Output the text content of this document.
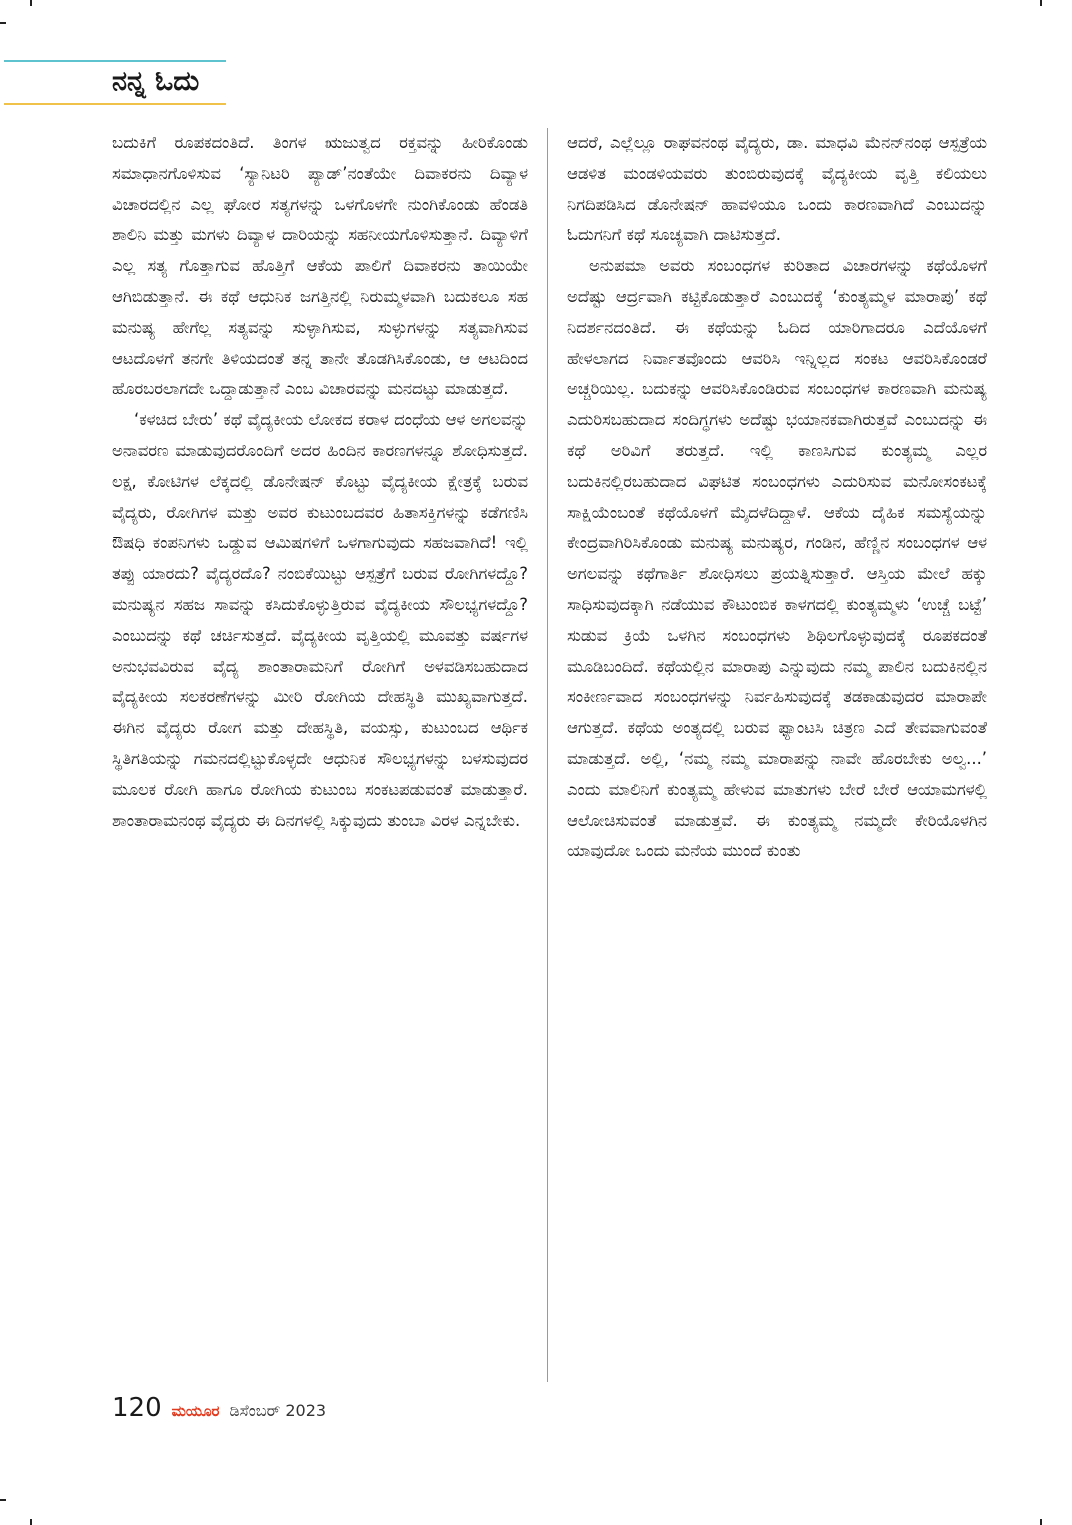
ನನ್ನ ಓದು

ಬದುಕಿಗೆ ರೂಪಕದಂತಿದೆ. ತಿಂಗಳ ಋಜುತ್ವದ ರಕ್ತವನ್ನು ಹೀರಿಕೊಂಡು ಸಮಾಧಾನಗೊಳಿಸುವ ‘ಸ್ಯಾನಿಟರಿ ಪ್ಯಾಡ್’ನಂತೆಯೇ ದಿವಾಕರನು ದಿವ್ಯಾಳ ವಿಚಾರದಲ್ಲಿನ ಎಲ್ಲ ಘೋರ ಸತ್ಯಗಳನ್ನು ಒಳಗೊಳಗೇ ನುಂಗಿಕೊಂಡು ಹೆಂಡತಿ ಶಾಲಿನಿ ಮತ್ತು ಮಗಳು ದಿವ್ಯಾಳ ದಾರಿಯನ್ನು ಸಹನೀಯಗೊಳಿಸುತ್ತಾನೆ. ದಿವ್ಯಾಳಿಗೆ ಎಲ್ಲ ಸತ್ಯ ಗೊತ್ತಾಗುವ ಹೊತ್ತಿಗೆ ಆಕೆಯ ಪಾಲಿಗೆ ದಿವಾಕರನು ತಾಯಿಯೇ ಆಗಿಬಿಡುತ್ತಾನೆ. ಈ ಕಥೆ ಆಧುನಿಕ ಜಗತ್ತಿನಲ್ಲಿ ನಿರುಮ್ಮಳವಾಗಿ ಬದುಕಲೂ ಸಹ ಮನುಷ್ಯ ಹೇಗೆಲ್ಲ ಸತ್ಯವನ್ನು ಸುಳ್ಳಾಗಿಸುವ, ಸುಳ್ಳುಗಳನ್ನು ಸತ್ಯವಾಗಿಸುವ ಆಟದೊಳಗೆ ತನಗೇ ತಿಳಿಯದಂತೆ ತನ್ನ ತಾನೇ ತೊಡಗಿಸಿಕೊಂಡು, ಆ ಆಟದಿಂದ ಹೊರಬರಲಾಗದೇ ಒದ್ದಾಡುತ್ತಾನೆ ಎಂಬ ವಿಚಾರವನ್ನು ಮನದಟ್ಟು ಮಾಡುತ್ತದೆ.

‘ಕಳಚಿದ ಬೇರು’ ಕಥೆ ವೈದ್ಯಕೀಯ ಲೋಕದ ಕರಾಳ ದಂಧೆಯ ಆಳ ಅಗಲವನ್ನು ಅನಾವರಣ ಮಾಡುವುದರೊಂದಿಗೆ ಅದರ ಹಿಂದಿನ ಕಾರಣಗಳನ್ನೂ ಶೋಧಿಸುತ್ತದೆ. ಲಕ್ಷ, ಕೋಟಿಗಳ ಲೆಕ್ಕದಲ್ಲಿ ಡೊನೇಷನ್ ಕೊಟ್ಟು ವೈದ್ಯಕೀಯ ಕ್ಷೇತ್ರಕ್ಕೆ ಬರುವ ವೈದ್ಯರು, ರೋಗಿಗಳ ಮತ್ತು ಅವರ ಕುಟುಂಬದವರ ಹಿತಾಸಕ್ತಿಗಳನ್ನು ಕಡೆಗಣಿಸಿ ಔಷಧಿ ಕಂಪನಿಗಳು ಒಡ್ಡುವ ಆಮಿಷಗಳಿಗೆ ಒಳಗಾಗುವುದು ಸಹಜವಾಗಿದೆ! ಇಲ್ಲಿ ತಪ್ಪು ಯಾರದು? ವೈದ್ಯರದೊ? ನಂಬಿಕೆಯಿಟ್ಟು ಆಸ್ಪತ್ರೆಗೆ ಬರುವ ರೋಗಿಗಳದ್ದೊ? ಮನುಷ್ಯನ ಸಹಜ ಸಾವನ್ನು ಕಸಿದುಕೊಳ್ಳುತ್ತಿರುವ ವೈದ್ಯಕೀಯ ಸೌಲಭ್ಯಗಳದ್ದೊ? ಎಂಬುದನ್ನು ಕಥೆ ಚರ್ಚಿಸುತ್ತದೆ. ವೈದ್ಯಕೀಯ ವೃತ್ತಿಯಲ್ಲಿ ಮೂವತ್ತು ವರ್ಷಗಳ ಅನುಭವವಿರುವ ವೈದ್ಯ ಶಾಂತಾರಾಮನಿಗೆ ರೋಗಿಗೆ ಅಳವಡಿಸಬಹುದಾದ ವೈದ್ಯಕೀಯ ಸಲಕರಣೆಗಳನ್ನು ಮೀರಿ ರೋಗಿಯ ದೇಹಸ್ಥಿತಿ ಮುಖ್ಯವಾಗುತ್ತದೆ. ಈಗಿನ ವೈದ್ಯರು ರೋಗ ಮತ್ತು ದೇಹಸ್ಥಿತಿ, ವಯಸ್ಸು, ಕುಟುಂಬದ ಆರ್ಥಿಕ ಸ್ಥಿತಿಗತಿಯನ್ನು ಗಮನದಲ್ಲಿಟ್ಟುಕೊಳ್ಳದೇ ಆಧುನಿಕ ಸೌಲಭ್ಯಗಳನ್ನು ಬಳಸುವುದರ ಮೂಲಕ ರೋಗಿ ಹಾಗೂ ರೋಗಿಯ ಕುಟುಂಬ ಸಂಕಟಪಡುವಂತೆ ಮಾಡುತ್ತಾರೆ. ಶಾಂತಾರಾಮನಂಥ ವೈದ್ಯರು ಈ ದಿನಗಳಲ್ಲಿ ಸಿಕ್ಕುವುದು ತುಂಬಾ ವಿರಳ ಎನ್ನಬೇಕು.

ಆದರೆ, ಎಲ್ಲೆಲ್ಲೂ ರಾಘವನಂಥ ವೈದ್ಯರು, ಡಾ. ಮಾಧವಿ ಮೆನನ್‌ನಂಥ ಆಸ್ಪತ್ರೆಯ ಆಡಳಿತ ಮಂಡಳಿಯವರು ತುಂಬಿರುವುದಕ್ಕೆ ವೈದ್ಯಕೀಯ ವೃತ್ತಿ ಕಲಿಯಲು ನಿಗದಿಪಡಿಸಿದ ಡೊನೇಷನ್ ಹಾವಳಿಯೂ ಒಂದು ಕಾರಣವಾಗಿದೆ ಎಂಬುದನ್ನು ಓದುಗನಿಗೆ ಕಥೆ ಸೂಚ್ಯವಾಗಿ ದಾಟಿಸುತ್ತದೆ.

ಅನುಪಮಾ ಅವರು ಸಂಬಂಧಗಳ ಕುರಿತಾದ ವಿಚಾರಗಳನ್ನು ಕಥೆಯೊಳಗೆ ಅದೆಷ್ಟು ಆರ್ದ್ರವಾಗಿ ಕಟ್ಟಿಕೊಡುತ್ತಾರೆ ಎಂಬುದಕ್ಕೆ ‘ಕುಂತ್ಯಮ್ಮಳ ಮಾರಾಪು’ ಕಥೆ ನಿದರ್ಶನದಂತಿದೆ. ಈ ಕಥೆಯನ್ನು ಓದಿದ ಯಾರಿಗಾದರೂ ಎದೆಯೊಳಗೆ ಹೇಳಲಾಗದ ನಿರ್ವಾತವೊಂದು ಆವರಿಸಿ ಇನ್ನಿಲ್ಲದ ಸಂಕಟ ಆವರಿಸಿಕೊಂಡರೆ ಅಚ್ಚರಿಯಿಲ್ಲ. ಬದುಕನ್ನು ಆವರಿಸಿಕೊಂಡಿರುವ ಸಂಬಂಧಗಳ ಕಾರಣವಾಗಿ ಮನುಷ್ಯ ಎದುರಿಸಬಹುದಾದ ಸಂದಿಗ್ಧಗಳು ಅದೆಷ್ಟು ಭಯಾನಕವಾಗಿರುತ್ತವೆ ಎಂಬುದನ್ನು ಈ ಕಥೆ ಅರಿವಿಗೆ ತರುತ್ತದೆ. ಇಲ್ಲಿ ಕಾಣಸಿಗುವ ಕುಂತ್ಯಮ್ಮ ಎಲ್ಲರ ಬದುಕಿನಲ್ಲಿರಬಹುದಾದ ವಿಘಟಿತ ಸಂಬಂಧಗಳು ಎದುರಿಸುವ ಮನೋಸಂಕಟಕ್ಕೆ ಸಾಕ್ಷಿಯೆಂಬಂತೆ ಕಥೆಯೊಳಗೆ ಮೈದಳೆದಿದ್ದಾಳೆ. ಆಕೆಯ ದೈಹಿಕ ಸಮಸ್ಯೆಯನ್ನು ಕೇಂದ್ರವಾಗಿರಿಸಿಕೊಂಡು ಮನುಷ್ಯ ಮನುಷ್ಯರ, ಗಂಡಿನ, ಹೆಣ್ಣಿನ ಸಂಬಂಧಗಳ ಆಳ ಅಗಲವನ್ನು ಕಥೆಗಾರ್ತಿ ಶೋಧಿಸಲು ಪ್ರಯತ್ನಿಸುತ್ತಾರೆ. ಆಸ್ತಿಯ ಮೇಲೆ ಹಕ್ಕು ಸಾಧಿಸುವುದಕ್ಕಾಗಿ ನಡೆಯುವ ಕೌಟುಂಬಿಕ ಕಾಳಗದಲ್ಲಿ ಕುಂತ್ಯಮ್ಮಳು ‘ಉಚ್ಚೆ ಬಟ್ಟೆ’ ಸುಡುವ ಕ್ರಿಯೆ ಒಳಗಿನ ಸಂಬಂಧಗಳು ಶಿಥಿಲಗೊಳ್ಳುವುದಕ್ಕೆ ರೂಪಕದಂತೆ ಮೂಡಿಬಂದಿದೆ. ಕಥೆಯಲ್ಲಿನ ಮಾರಾಪು ಎನ್ನುವುದು ನಮ್ಮ ಪಾಲಿನ ಬದುಕಿನಲ್ಲಿನ ಸಂಕೀರ್ಣವಾದ ಸಂಬಂಧಗಳನ್ನು ನಿರ್ವಹಿಸುವುದಕ್ಕೆ ತಡಕಾಡುವುದರ ಮಾರಾಪೇ ಆಗುತ್ತದೆ. ಕಥೆಯ ಅಂತ್ಯದಲ್ಲಿ ಬರುವ ಫ್ಯಾಂಟಸಿ ಚಿತ್ರಣ ಎದೆ ತೇವವಾಗುವಂತೆ ಮಾಡುತ್ತದೆ. ಅಲ್ಲಿ, ‘ನಮ್ಮ ನಮ್ಮ ಮಾರಾಪನ್ನು ನಾವೇ ಹೊರಬೇಕು ಅಲ್ವ...’ ಎಂದು ಮಾಲಿನಿಗೆ ಕುಂತ್ಯಮ್ಮ ಹೇಳುವ ಮಾತುಗಳು ಬೇರೆ ಬೇರೆ ಆಯಾಮಗಳಲ್ಲಿ ಆಲೋಚಿಸುವಂತೆ ಮಾಡುತ್ತವೆ. ಈ ಕುಂತ್ಯಮ್ಮ ನಮ್ಮದೇ ಕೇರಿಯೊಳಗಿನ ಯಾವುದೋ ಒಂದು ಮನೆಯ ಮುಂದೆ ಕುಂತು

120 ಮಯೂರ ಡಿಸೆಂಬರ್ 2023
